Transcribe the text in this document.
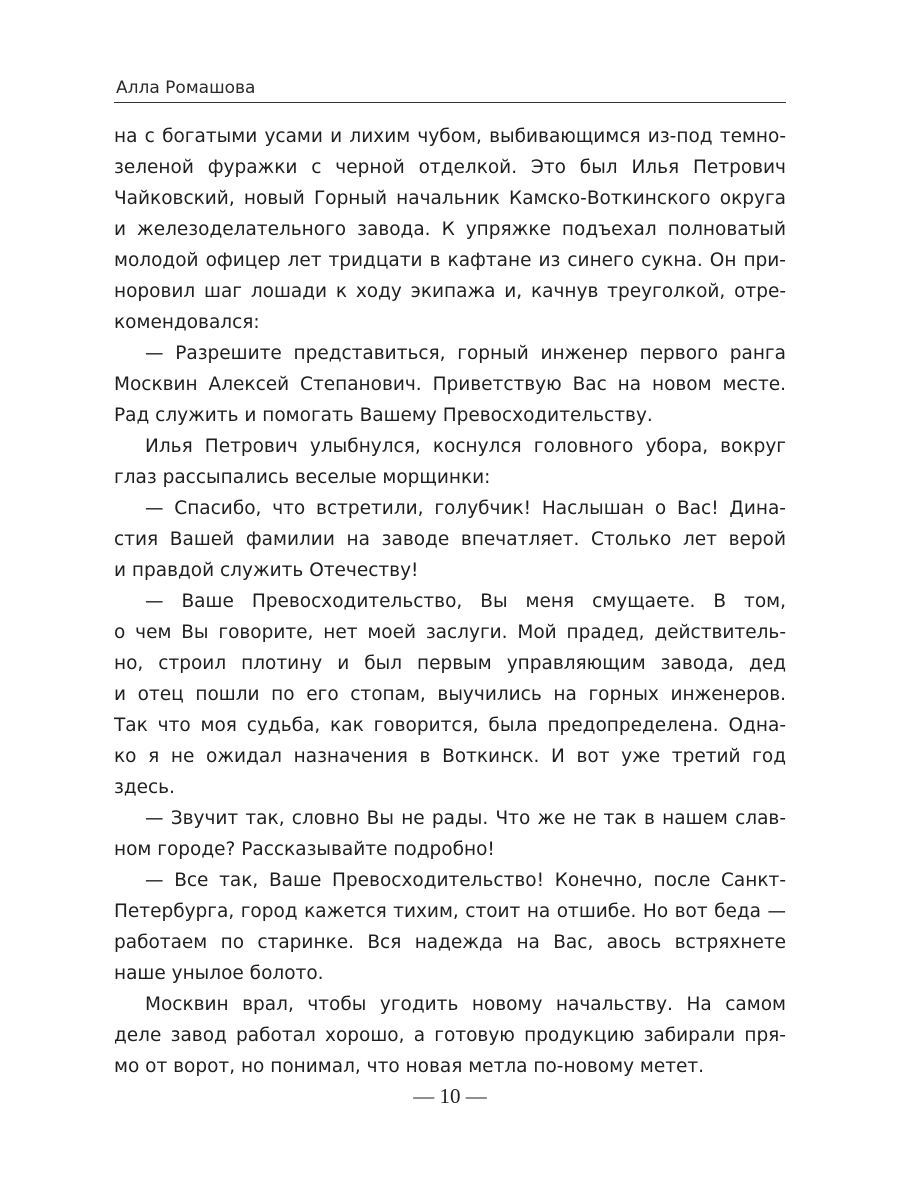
Алла Ромашова
на с богатыми усами и лихим чубом, выбивающимся из-под темно-
зеленой фуражки с черной отделкой. Это был Илья Петрович
Чайковский, новый Горный начальник Камско-Воткинского округа
и железоделательного завода. К упряжке подъехал полноватый
молодой офицер лет тридцати в кафтане из синего сукна. Он при-
норовил шаг лошади к ходу экипажа и, качнув треуголкой, отре-
комендовался:
— Разрешите представиться, горный инженер первого ранга
Москвин Алексей Степанович. Приветствую Вас на новом месте.
Рад служить и помогать Вашему Превосходительству.
Илья Петрович улыбнулся, коснулся головного убора, вокруг
глаз рассыпались веселые морщинки:
— Спасибо, что встретили, голубчик! Наслышан о Вас! Дина-
стия Вашей фамилии на заводе впечатляет. Столько лет верой
и правдой служить Отечеству!
— Ваше Превосходительство, Вы меня смущаете. В том,
о чем Вы говорите, нет моей заслуги. Мой прадед, действитель-
но, строил плотину и был первым управляющим завода, дед
и отец пошли по его стопам, выучились на горных инженеров.
Так что моя судьба, как говорится, была предопределена. Одна-
ко я не ожидал назначения в Воткинск. И вот уже третий год
здесь.
— Звучит так, словно Вы не рады. Что же не так в нашем слав-
ном городе? Рассказывайте подробно!
— Все так, Ваше Превосходительство! Конечно, после Санкт-
Петербурга, город кажется тихим, стоит на отшибе. Но вот беда —
работаем по старинке. Вся надежда на Вас, авось встряхнете
наше унылое болото.
Москвин врал, чтобы угодить новому начальству. На самом
деле завод работал хорошо, а готовую продукцию забирали пря-
мо от ворот, но понимал, что новая метла по-новому метет.
— 10 —
